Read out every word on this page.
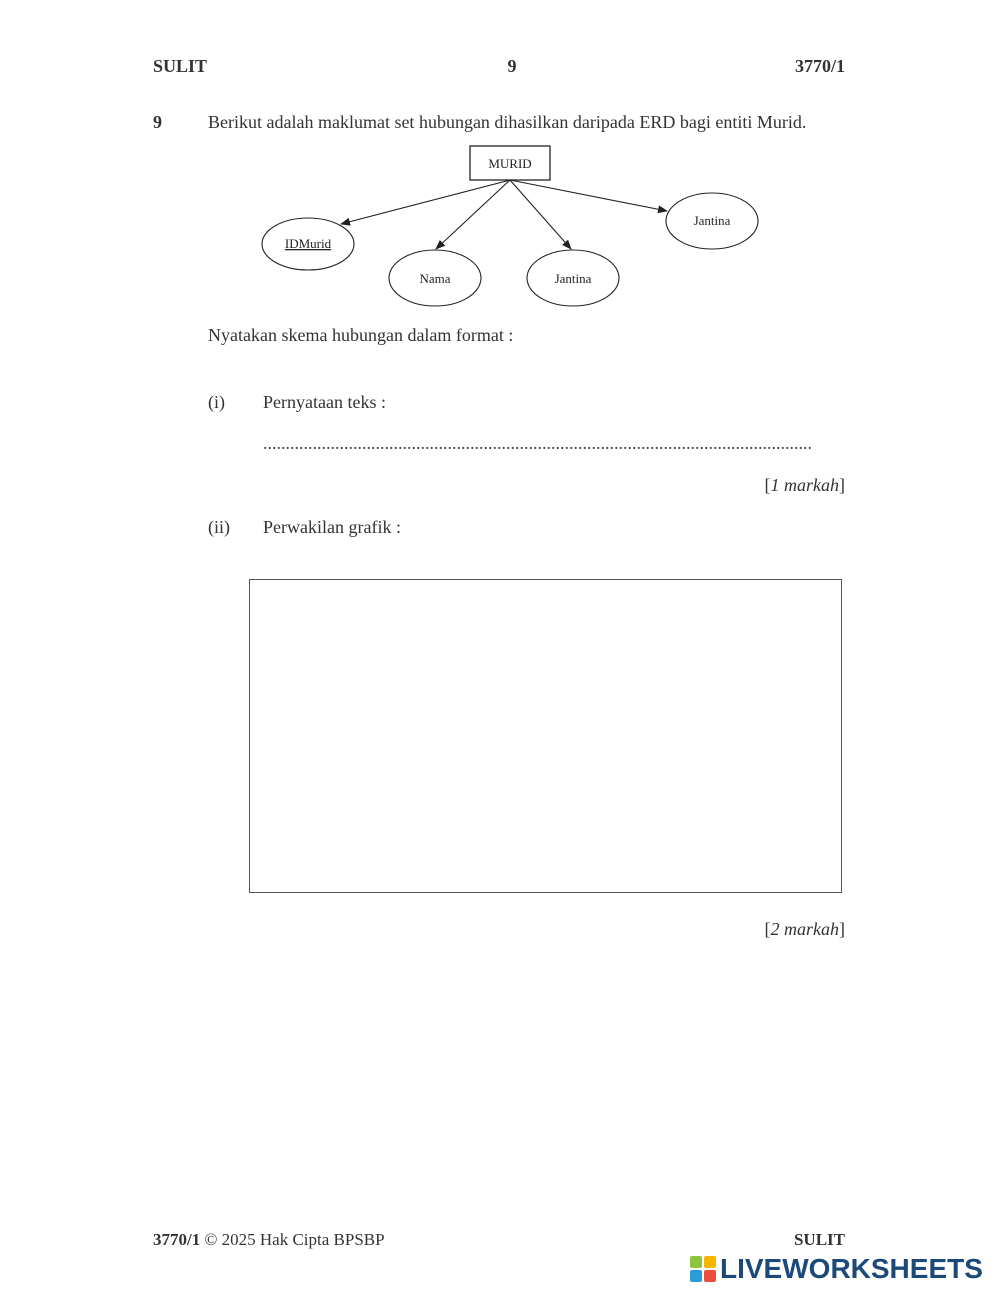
SULIT	9	3770/1
9	Berikut adalah maklumat set hubungan dihasilkan daripada ERD bagi entiti Murid.
MURID
IDMurid
Nama	Jantina
Jantina
Nyatakan skema hubungan dalam format :
(i) Pernyataan teks :
..........................................................................................................................
[1 markah]
(ii) Perwakilan grafik :
[2 markah]
3770/1 © 2025 Hak Cipta BPSBP	SULIT
LIVEWORKSHEETS
